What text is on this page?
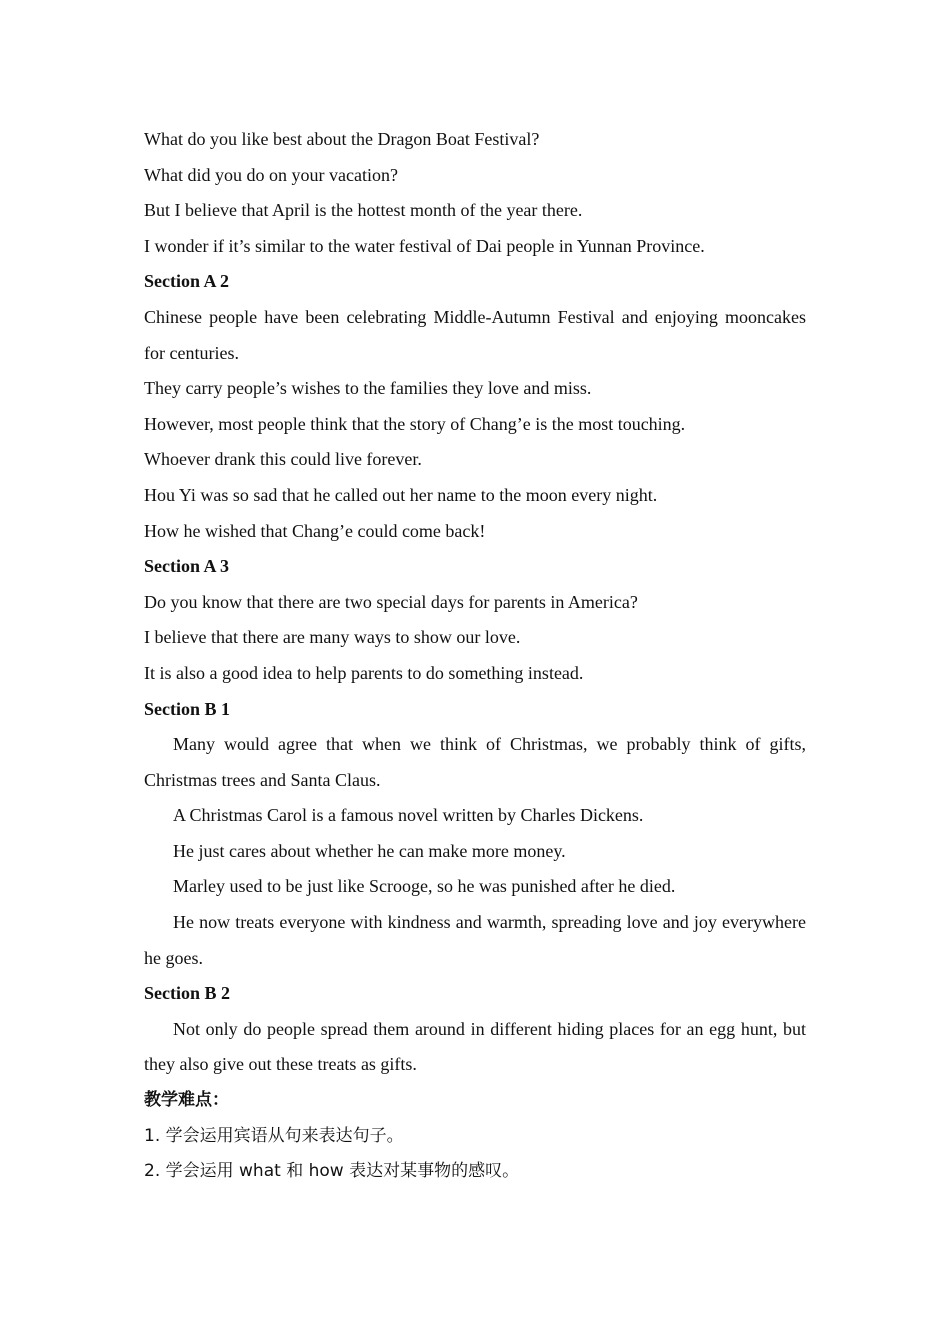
What do you like best about the Dragon Boat Festival?
What did you do on your vacation?
But I believe that April is the hottest month of the year there.
I wonder if it’s similar to the water festival of Dai people in Yunnan Province.
Section A 2
Chinese people have been celebrating Middle-Autumn Festival and enjoying mooncakes for centuries.
They carry people’s wishes to the families they love and miss.
However, most people think that the story of Chang’e is the most touching.
Whoever drank this could live forever.
Hou Yi was so sad that he called out her name to the moon every night.
How he wished that Chang’e could come back!
Section A 3
Do you know that there are two special days for parents in America?
I believe that there are many ways to show our love.
It is also a good idea to help parents to do something instead.
Section B 1
Many would agree that when we think of Christmas, we probably think of gifts, Christmas trees and Santa Claus.
A Christmas Carol is a famous novel written by Charles Dickens.
He just cares about whether he can make more money.
Marley used to be just like Scrooge, so he was punished after he died.
He now treats everyone with kindness and warmth, spreading love and joy everywhere he goes.
Section B 2
Not only do people spread them around in different hiding places for an egg hunt, but they also give out these treats as gifts.
教学难点：
1. 学会运用宾语从句来表达句子。
2. 学会运用 what 和 how 表达对某事物的感叹。
